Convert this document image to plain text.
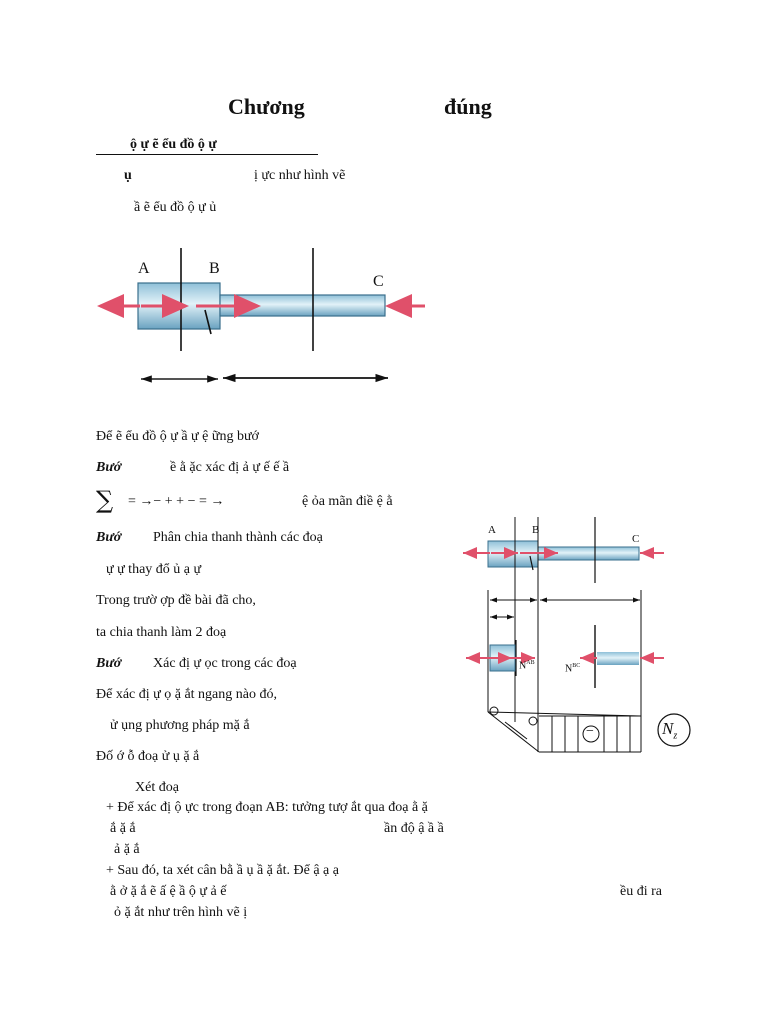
Chương	đúng
ộ ự ẽ ểu đồ ộ ự
ụ	ị ực như hình vẽ
ầ ẽ ểu đồ ộ ự ủ
A	B
C
Để ẽ ểu đồ ộ ự ầ ự ệ ững bướ
Bướ	ề ằ ặc xác đị ả ự ế ế ầ
∑ = →− + + − = →	ệ ỏa mãn điề ệ ằ
Bướ Phân chia thanh thành các đoạ
ự ự thay đổ ủ ạ ự
Trong trườ ợp đề bài đã cho,
ta chia thanh làm 2 đoạ
Bướ Xác đị ự ọc trong các đoạ
Để xác đị ự ọ ặ ắt ngang nào đó,
ử ụng phương pháp mặ ắ
Đố ớ ỗ đoạ ử ụ ặ ắ
Xét đoạ
+ Để xác đị ộ ực trong đoạn AB: tưởng tượ ắt qua đoạ ằ ặ
ắ ặ ắ	ần độ ậ ầ ầ
ả ặ ắ
+ Sau đó, ta xét cân bằ ầ ụ ầ ặ ắt. Để ậ ạ ạ
ằ ở ặ ắ ẽ ấ ệ ầ ộ ự ả ế	ều đi ra
ỏ ặ ắt như trên hình vẽ ị
A	B
C
$N^{AB}$
$N^{BC}$
−	$N_z$
